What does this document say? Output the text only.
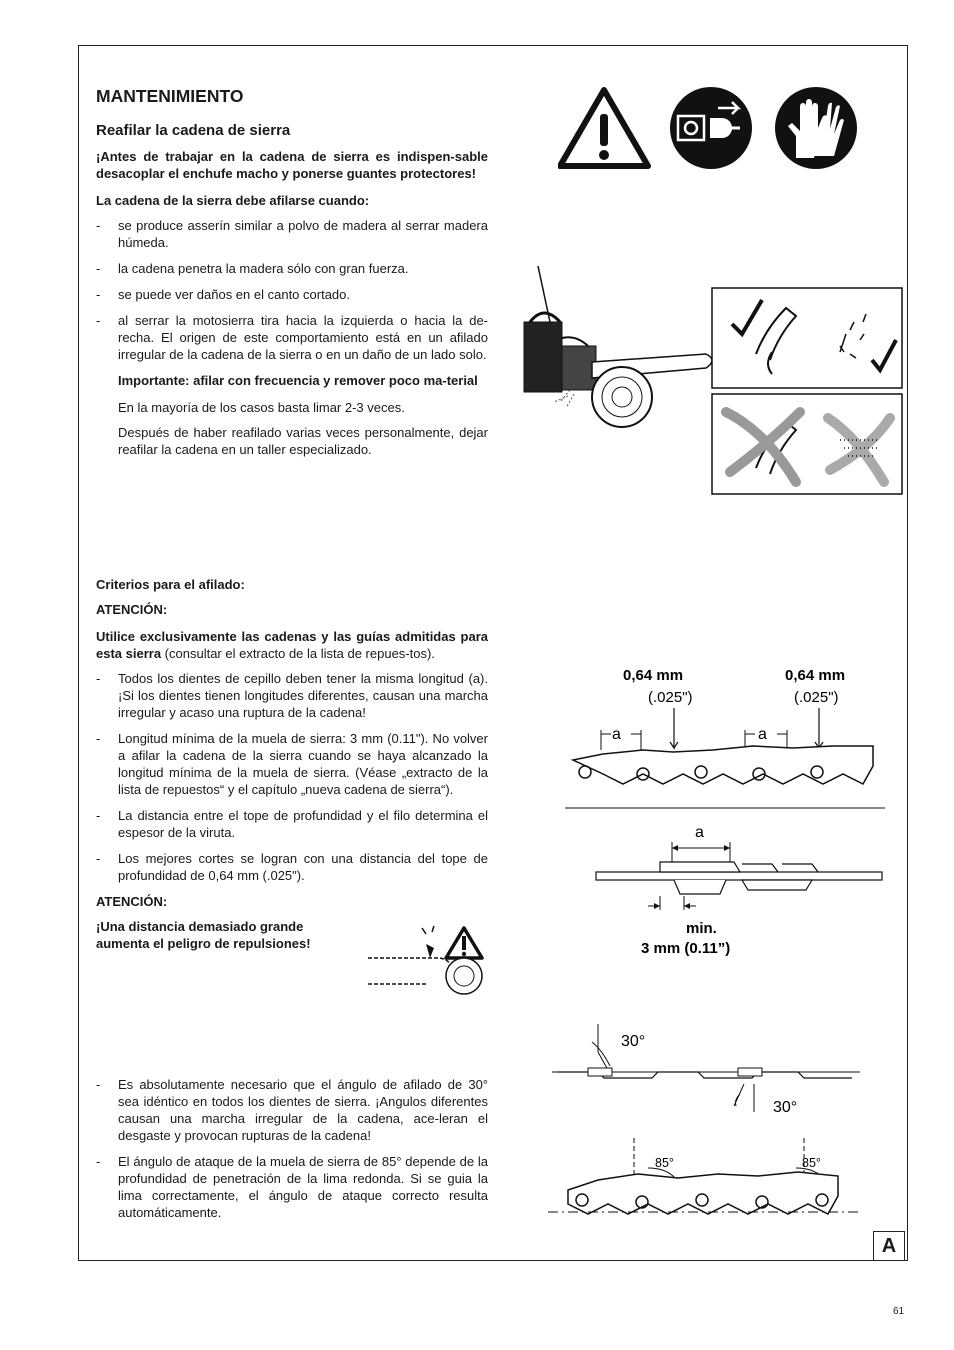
MANTENIMIENTO
Reafilar la cadena de sierra

¡Antes de trabajar en la cadena de sierra es indispen-sable desacoplar el enchufe macho y ponerse guantes protectores!

La cadena de la sierra debe afilarse cuando:

- se produce asserín similar a polvo de madera al serrar madera húmeda.
- la cadena penetra la madera sólo con gran fuerza.
- se puede ver daños en el canto cortado.
- al serrar la motosierra tira hacia la izquierda o hacia la de-recha. El origen de este comportamiento está en un afilado irregular de la cadena de la sierra o en un daño de un lado solo.

Importante: afilar con frecuencia y remover poco ma-terial

En la mayoría de los casos basta limar 2-3 veces.

Después de haber reafilado varias veces personalmente, dejar reafilar la cadena en un taller especializado.

Criterios para el afilado:

ATENCIÓN:

Utilice exclusivamente las cadenas y las guías admitidas para esta sierra (consultar el extracto de la lista de repues-tos).

- Todos los dientes de cepillo deben tener la misma longitud (a). ¡Si los dientes tienen longitudes diferentes, causan una marcha irregular y acaso una ruptura de la cadena!
- Longitud mínima de la muela de sierra: 3 mm (0.11"). No volver a afilar la cadena de la sierra cuando se haya alcanzado la longitud mínima de la muela de sierra. (Véase „extracto de la lista de repuestos“ y el capítulo „nueva cadena de sierra“).
- La distancia entre el tope de profundidad y el filo determina el espesor de la viruta.
- Los mejores cortes se logran con una distancia del tope de profundidad de 0,64 mm (.025").

ATENCIÓN:

¡Una distancia demasiado grande aumenta el peligro de repulsiones!

- Es absolutamente necesario que el ángulo de afilado de 30° sea idéntico en todos los dientes de sierra. ¡Angulos diferentes causan una marcha irregular de la cadena, ace-leran el desgaste y provocan rupturas de la cadena!
- El ángulo de ataque de la muela de sierra de 85° depende de la profundidad de penetración de la lima redonda. Si se guia la lima correctamente, el ángulo de ataque correcto resulta automáticamente.
0,64 mm
(.025")
0,64 mm
(.025")
a	a
a
min.
3 mm (0.11”)
30°
30°
85°	85°
A
61
